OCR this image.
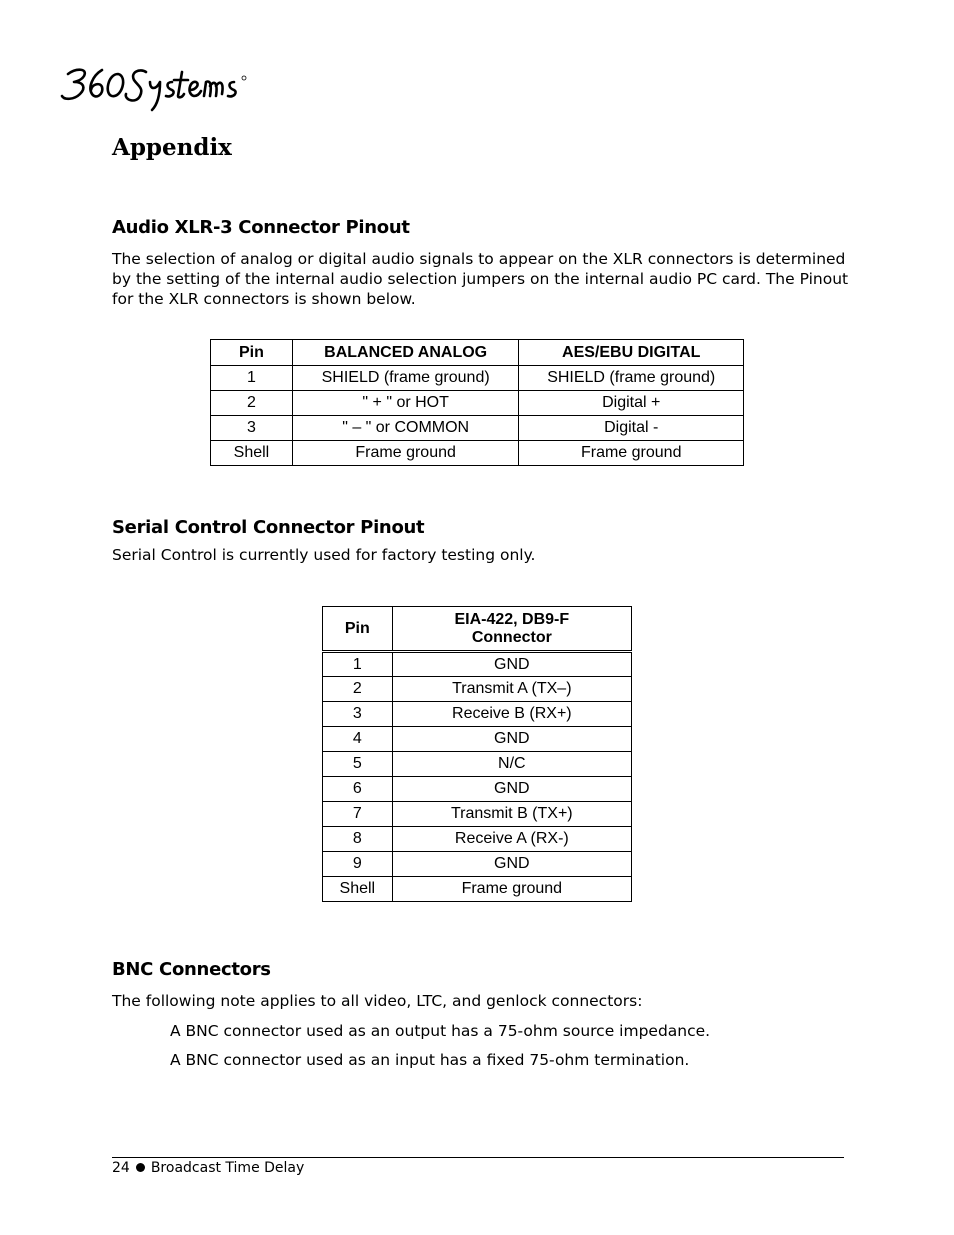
Appendix
Audio XLR-3 Connector Pinout
The selection of analog or digital audio signals to appear on the XLR connectors is determined by the setting of the internal audio selection jumpers on the internal audio PC card. The Pinout for the XLR connectors is shown below.
Pin	BALANCED ANALOG	AES/EBU DIGITAL
1	SHIELD (frame ground)	SHIELD (frame ground)
2	" + " or HOT	Digital +
3	" – " or COMMON	Digital -
Shell	Frame ground	Frame ground
Serial Control Connector Pinout
Serial Control is currently used for factory testing only.
Pin	EIA-422, DB9-F Connector
1	GND
2	Transmit A (TX–)
3	Receive B (RX+)
4	GND
5	N/C
6	GND
7	Transmit B (TX+)
8	Receive A (RX-)
9	GND
Shell	Frame ground
BNC Connectors
The following note applies to all video, LTC, and genlock connectors:
A BNC connector used as an output has a 75-ohm source impedance.
A BNC connector used as an input has a fixed 75-ohm termination.
24 Broadcast Time Delay
